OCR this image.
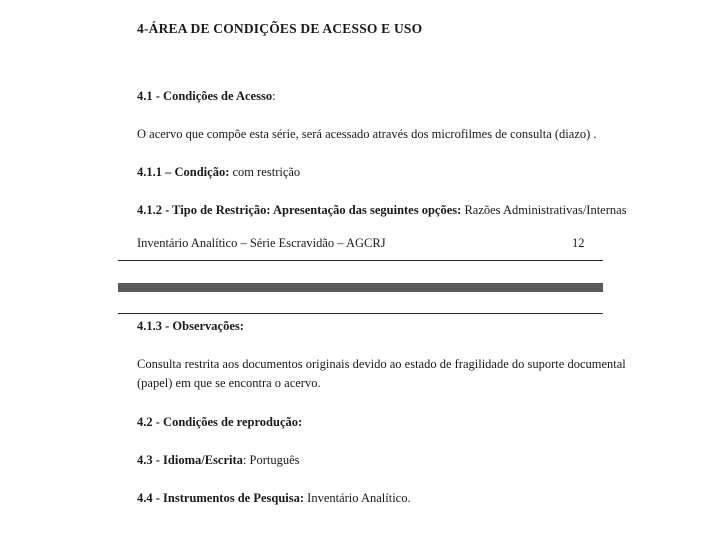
4-ÁREA DE CONDIÇÕES DE ACESSO E USO
4.1 - Condições de Acesso:
O acervo que compõe esta série, será acessado através dos microfilmes de consulta (diazo) .
4.1.1 – Condição: com restrição
4.1.2 - Tipo de Restrição: Apresentação das seguintes opções: Razões Administrativas/Internas
Inventário Analítico – Série Escravidão – AGCRJ	12
4.1.3 - Observações:
Consulta restrita aos documentos originais devido ao estado de fragilidade do suporte documental
(papel) em que se encontra o acervo.
4.2 - Condições de reprodução:
4.3 - Idioma/Escrita: Português
4.4 - Instrumentos de Pesquisa: Inventário Analítico.
